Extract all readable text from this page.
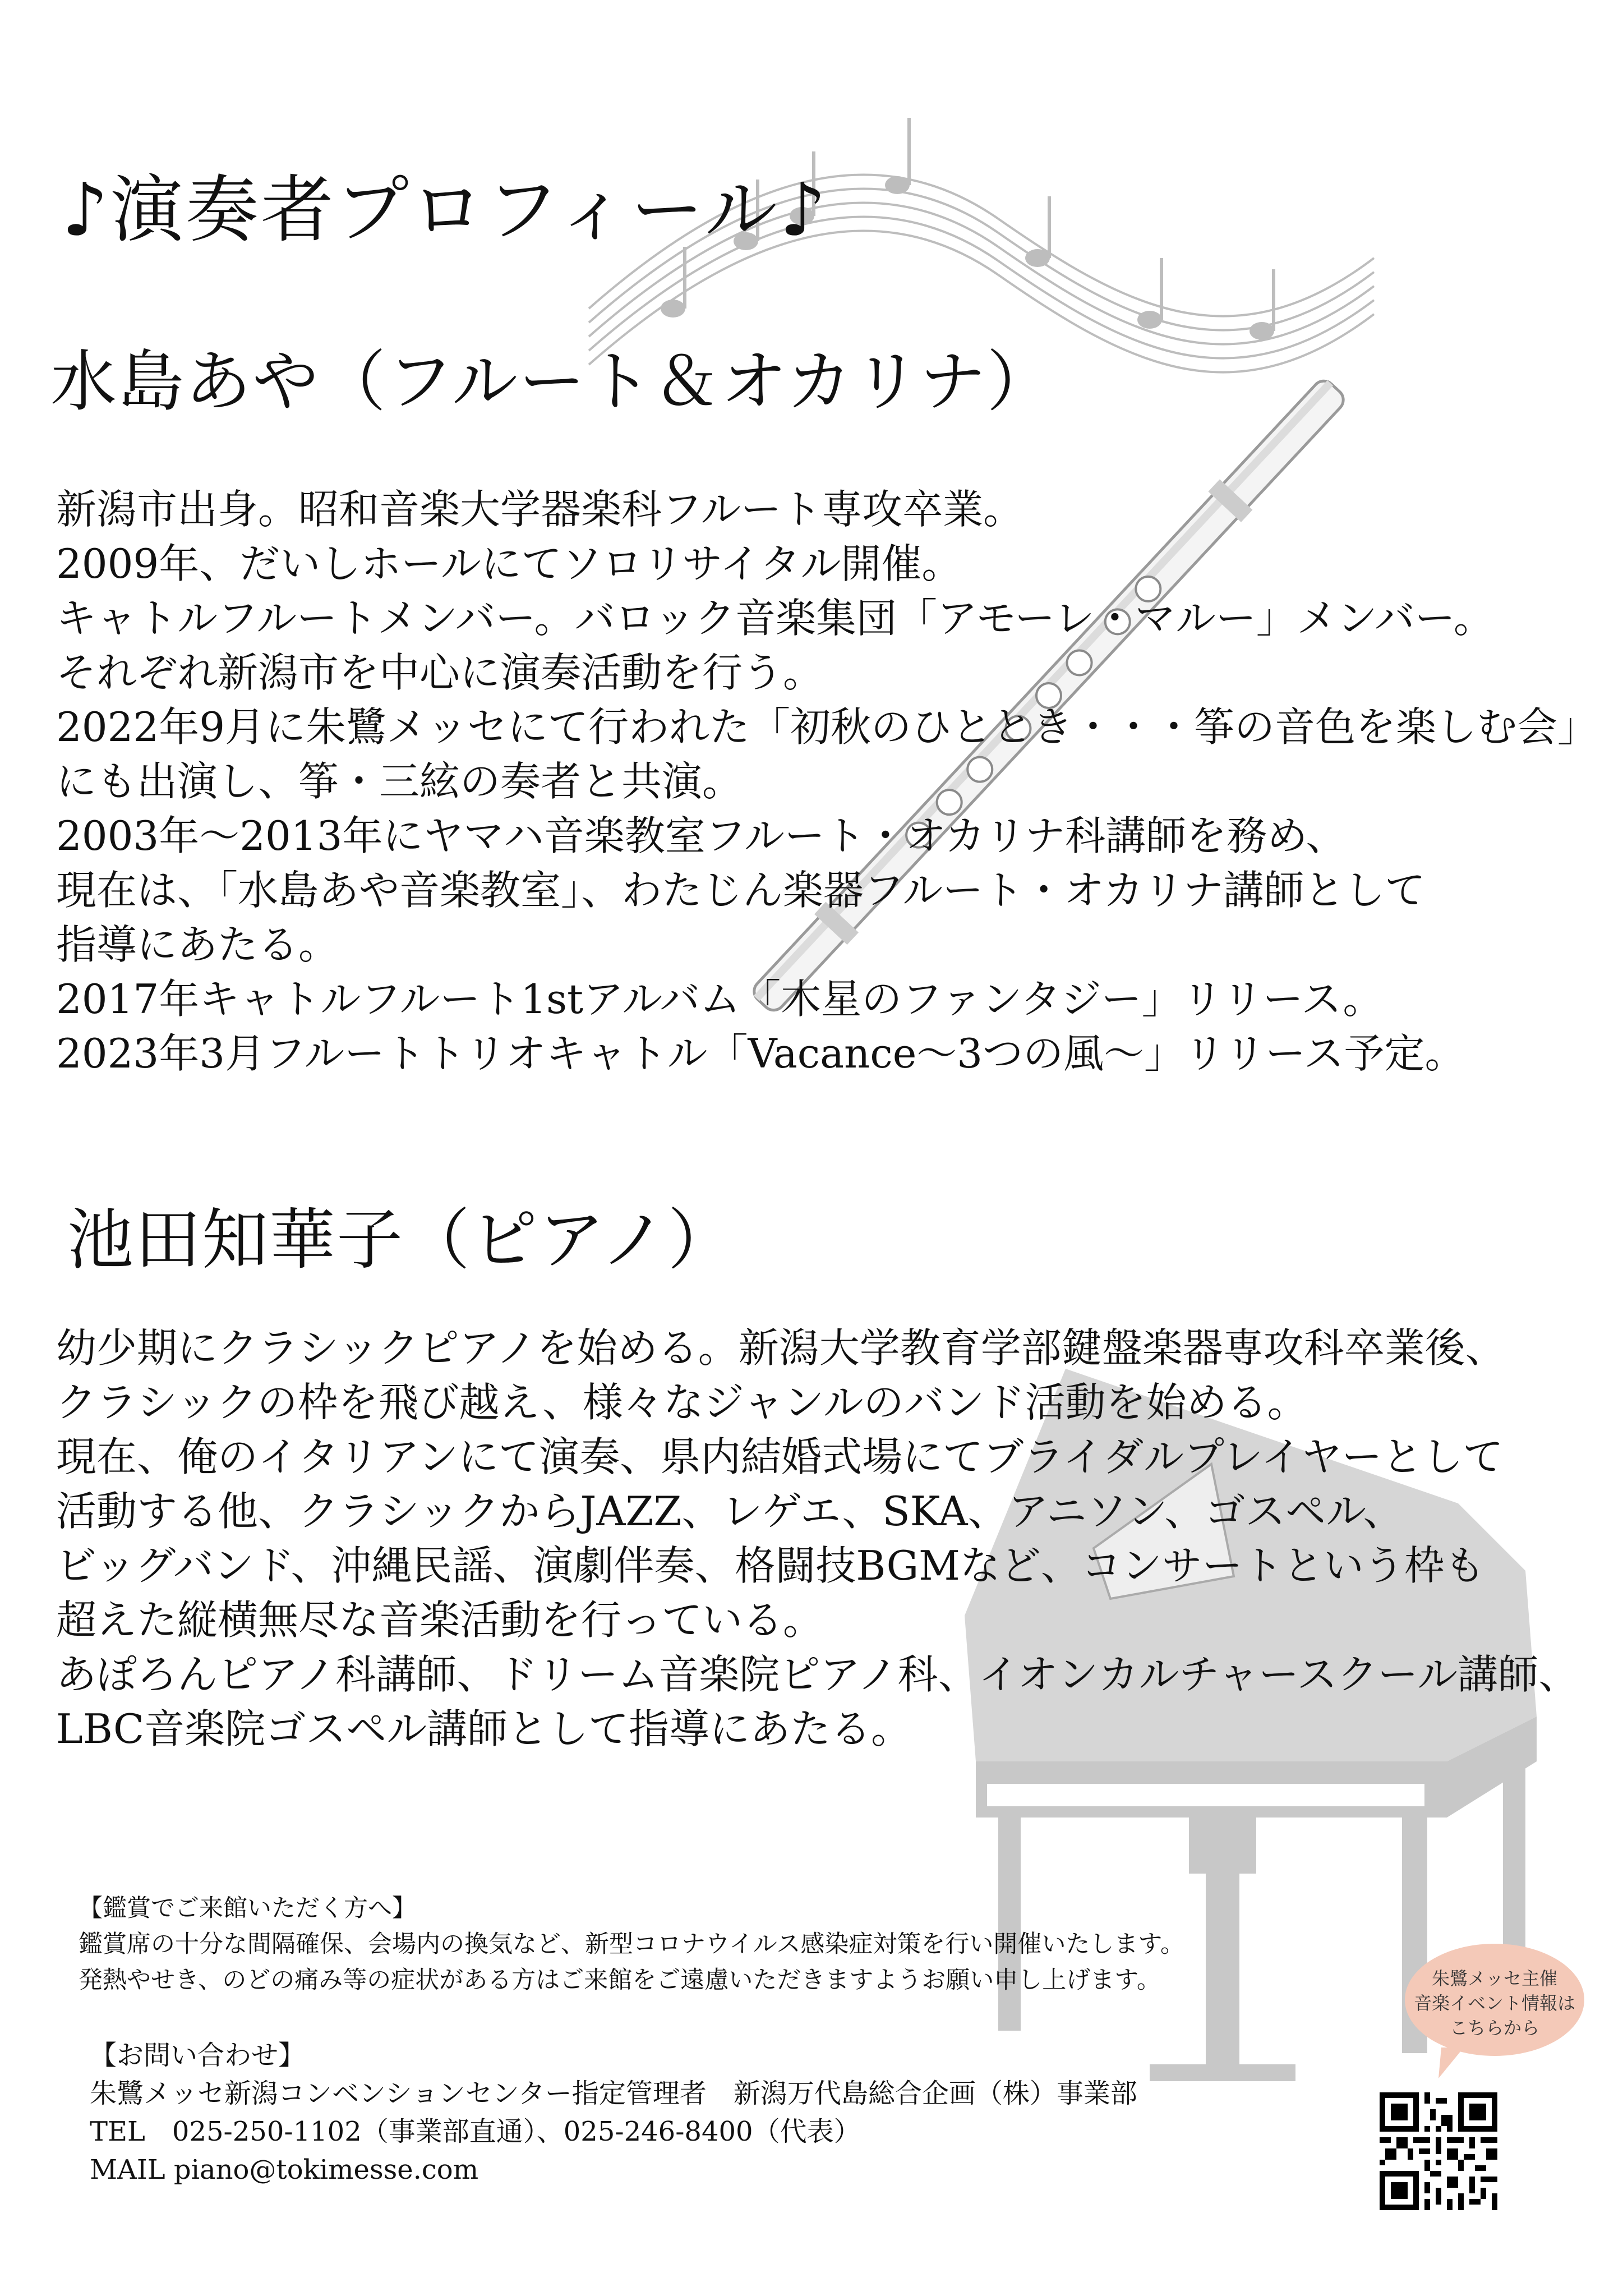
♪演奏者プロフィール♪
水島あや（フルート＆オカリナ）
新潟市出身。昭和音楽大学器楽科フルート専攻卒業。
2009年、だいしホールにてソロリサイタル開催。
キャトルフルートメンバー。バロック音楽集団「アモーレ・マルー」メンバー。
それぞれ新潟市を中心に演奏活動を行う。
2022年9月に朱鷺メッセにて行われた「初秋のひととき・・・筝の音色を楽しむ会」
にも出演し、筝・三絃の奏者と共演。
2003年～2013年にヤマハ音楽教室フルート・オカリナ科講師を務め、
現在は、「水島あや音楽教室」、わたじん楽器フルート・オカリナ講師として
指導にあたる。
2017年キャトルフルート1stアルバム「木星のファンタジー」リリース。
2023年3月フルートトリオキャトル「Vacance～3つの風～」リリース予定。
池田知華子（ピアノ）
幼少期にクラシックピアノを始める。新潟大学教育学部鍵盤楽器専攻科卒業後、
クラシックの枠を飛び越え、様々なジャンルのバンド活動を始める。
現在、俺のイタリアンにて演奏、県内結婚式場にてブライダルプレイヤーとして
活動する他、クラシックからJAZZ、レゲエ、SKA、アニソン、ゴスペル、
ビッグバンド、沖縄民謡、演劇伴奏、格闘技BGMなど、コンサートという枠も
超えた縦横無尽な音楽活動を行っている。
あぽろんピアノ科講師、ドリーム音楽院ピアノ科、イオンカルチャースクール講師、
LBC音楽院ゴスペル講師として指導にあたる。
【鑑賞でご来館いただく方へ】
鑑賞席の十分な間隔確保、会場内の換気など、新型コロナウイルス感染症対策を行い開催いたします。
発熱やせき、のどの痛み等の症状がある方はご来館をご遠慮いただきますようお願い申し上げます。
【お問い合わせ】
朱鷺メッセ新潟コンベンションセンター指定管理者　新潟万代島総合企画（株）事業部
TEL　025-250-1102（事業部直通）、025-246-8400（代表）
MAIL piano@tokimesse.com
朱鷺メッセ主催
音楽イベント情報は
こちらから
